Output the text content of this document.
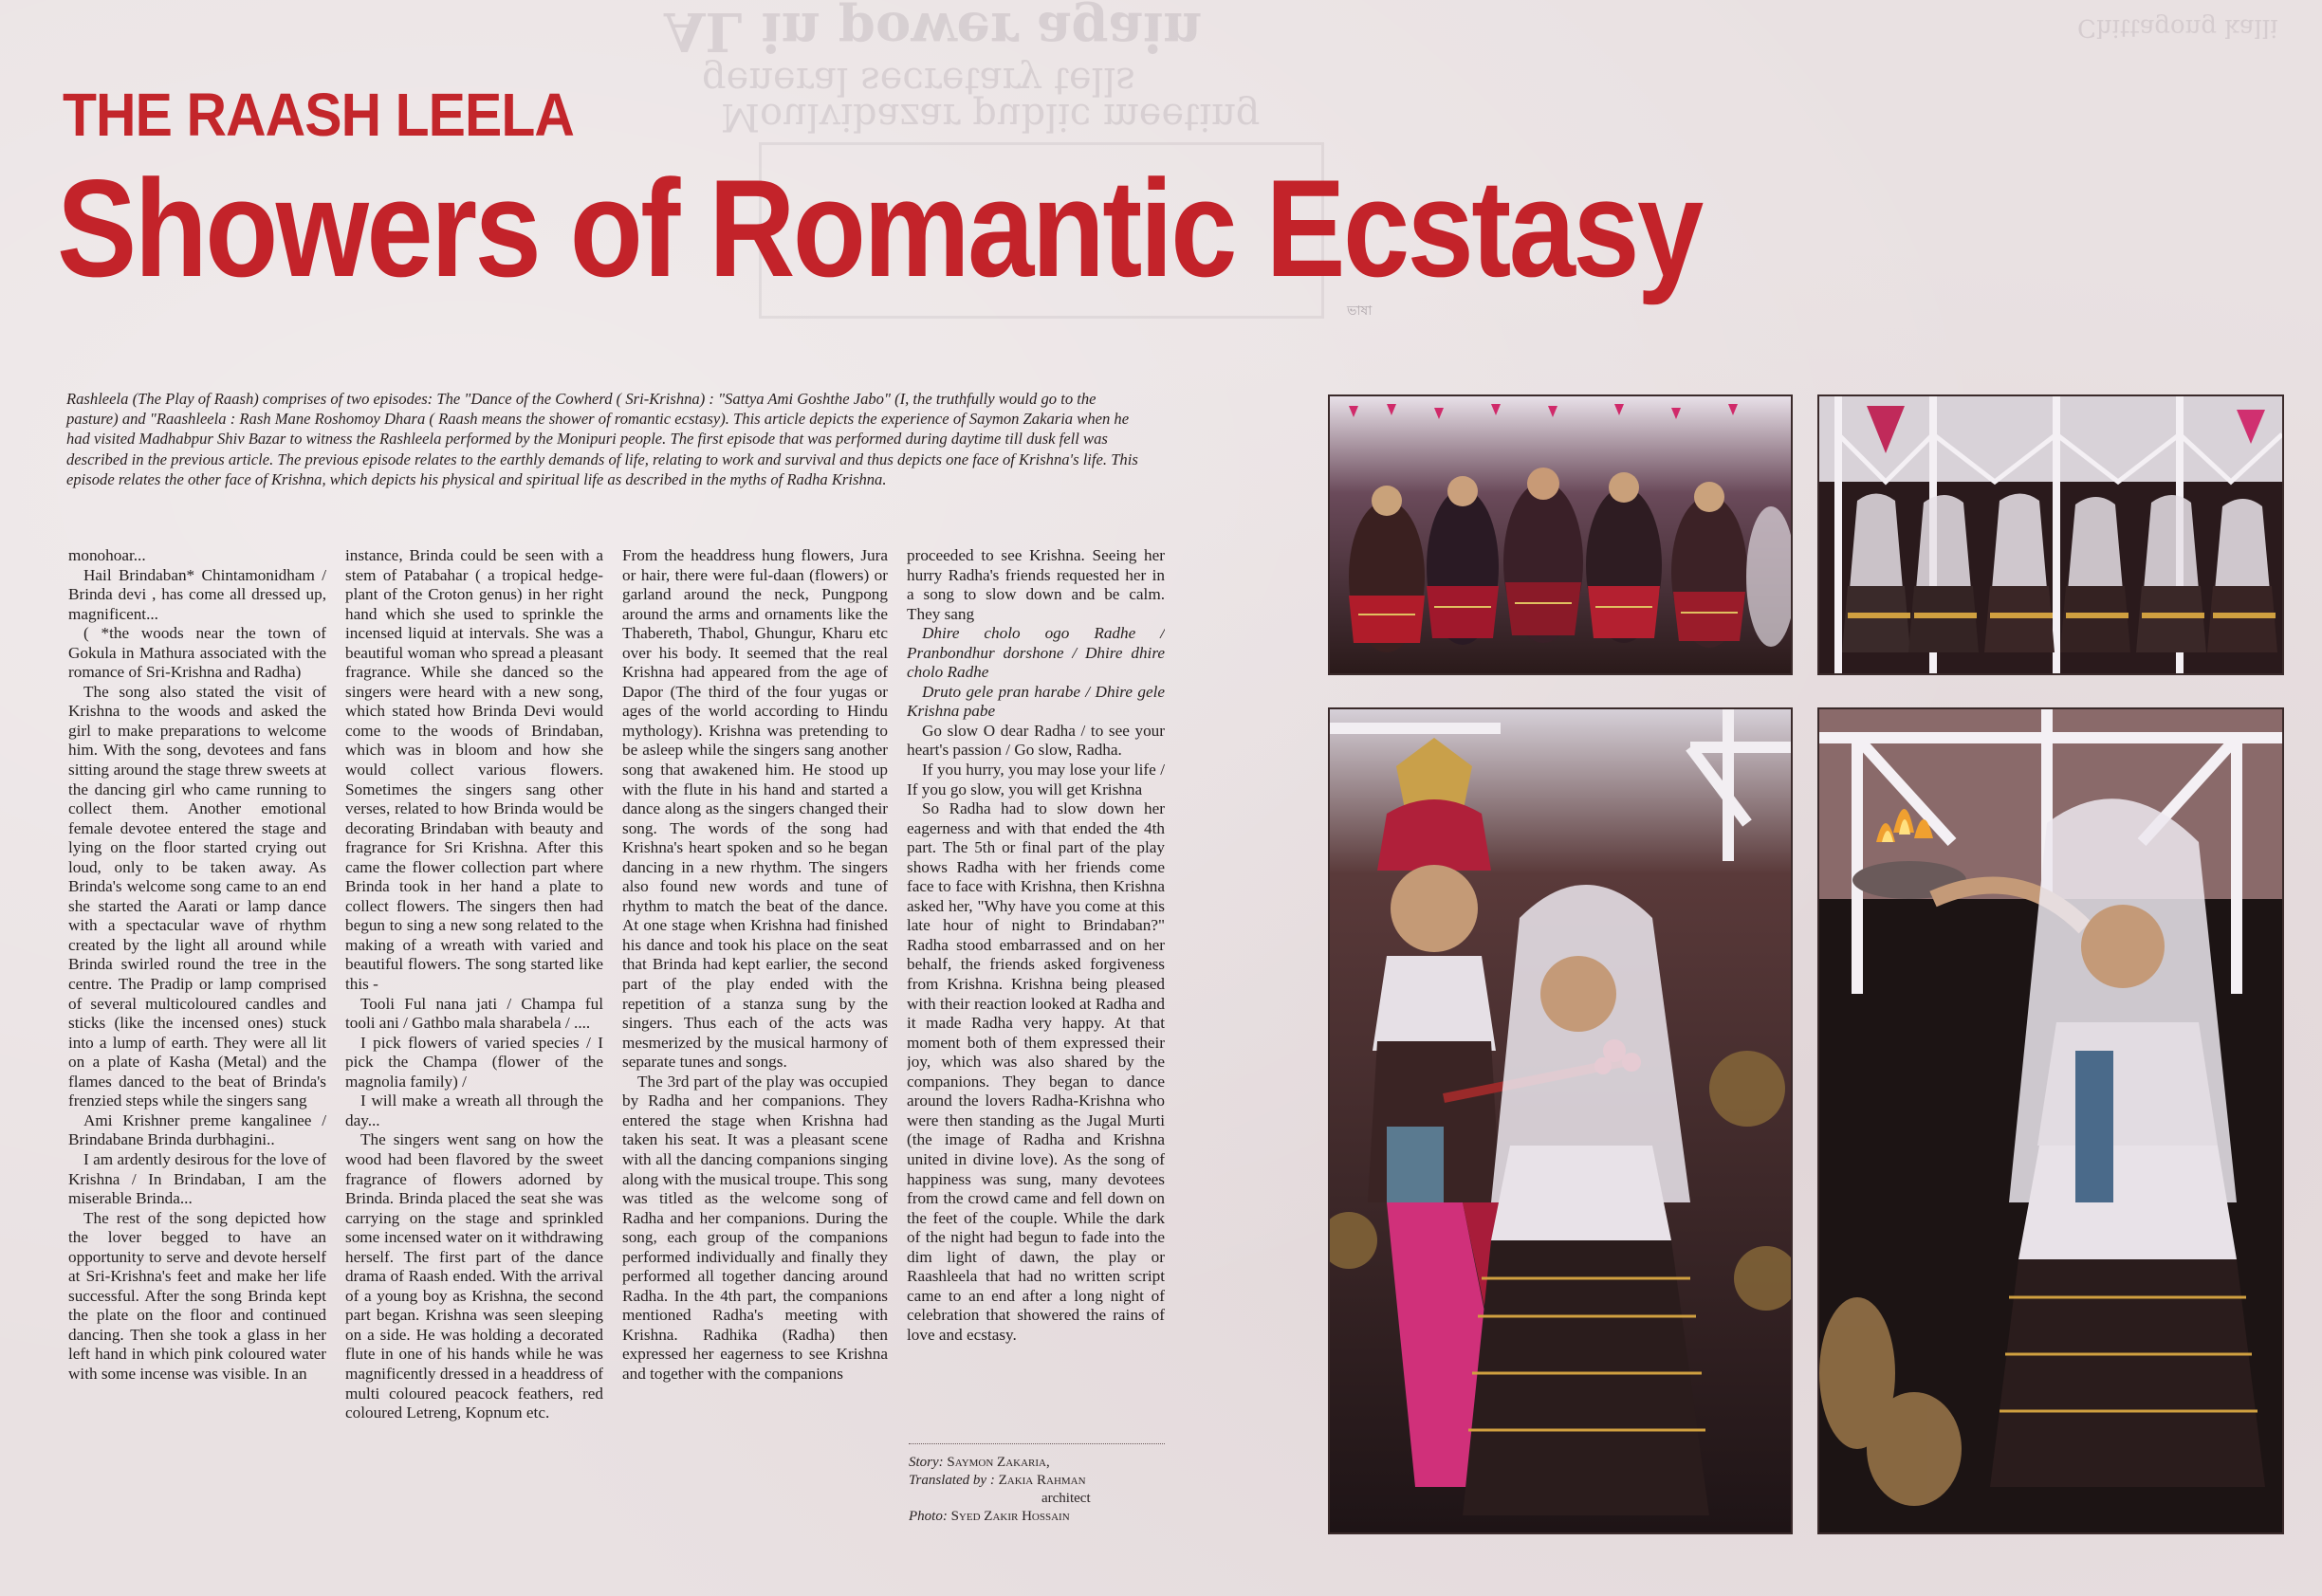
AL in power again
general secretary tells
Moulvibazar public meeting
Chittagong kalli
THE RAASH LEELA
Showers of Romantic Ecstasy
Rashleela (The Play of Raash) comprises of two episodes: The "Dance of the Cowherd ( Sri-Krishna) : "Sattya Ami Goshthe Jabo" (I, the truthfully would go to the pasture) and "Raashleela : Rash Mane Roshomoy Dhara ( Raash means the shower of romantic ecstasy). This article depicts the experience of Saymon Zakaria when he had visited Madhabpur Shiv Bazar to witness the Rashleela performed by the Monipuri people. The first episode that was performed during daytime till dusk fell was described in the previous article. The previous episode relates to the earthly demands of life, relating to work and survival and thus depicts one face of Krishna's life. This episode relates the other face of Krishna, which depicts his physical and spiritual life as described in the myths of Radha Krishna.

monohoar...

Hail Brindaban* Chintamonidham / Brinda devi , has come all dressed up, magnificent...

( *the woods near the town of Gokula in Mathura associated with the romance of Sri-Krishna and Radha)

The song also stated the visit of Krishna to the woods and asked the girl to make preparations to welcome him. With the song, devotees and fans sitting around the stage threw sweets at the dancing girl who came running to collect them. Another emotional female devotee entered the stage and lying on the floor started crying out loud, only to be taken away. As Brinda's welcome song came to an end she started the Aarati or lamp dance with a spectacular wave of rhythm created by the light all around while Brinda swirled round the tree in the centre. The Pradip or lamp comprised of several multicoloured candles and sticks (like the incensed ones) stuck into a lump of earth. They were all lit on a plate of Kasha (Metal) and the flames danced to the beat of Brinda's frenzied steps while the singers sang

Ami Krishner preme kangalinee / Brindabane Brinda durbhagini..

I am ardently desirous for the love of Krishna / In Brindaban, I am the miserable Brinda...

The rest of the song depicted how the lover begged to have an opportunity to serve and devote herself at Sri-Krishna's feet and make her life successful. After the song Brinda kept the plate on the floor and continued dancing. Then she took a glass in her left hand in which pink coloured water with some incense was visible. In an

instance, Brinda could be seen with a stem of Patabahar ( a tropical hedge-plant of the Croton genus) in her right hand which she used to sprinkle the incensed liquid at intervals. She was a beautiful woman who spread a pleasant fragrance. While she danced so the singers were heard with a new song, which stated how Brinda Devi would come to the woods of Brindaban, which was in bloom and how she would collect various flowers. Sometimes the singers sang other verses, related to how Brinda would be decorating Brindaban with beauty and fragrance for Sri Krishna. After this came the flower collection part where Brinda took in her hand a plate to collect flowers. The singers then had begun to sing a new song related to the making of a wreath with varied and beautiful flowers. The song started like this -

Tooli Ful nana jati / Champa ful tooli ani / Gathbo mala sharabela / ....

I pick flowers of varied species / I pick the Champa (flower of the magnolia family) /

I will make a wreath all through the day...

The singers went sang on how the wood had been flavored by the sweet fragrance of flowers adorned by Brinda. Brinda placed the seat she was carrying on the stage and sprinkled some incensed water on it withdrawing herself. The first part of the dance drama of Raash ended. With the arrival of a young boy as Krishna, the second part began. Krishna was seen sleeping on a side. He was holding a decorated flute in one of his hands while he was magnificently dressed in a headdress of multi coloured peacock feathers, red coloured Letreng, Kopnum etc.

From the headdress hung flowers, Jura or hair, there were ful-daan (flowers) or garland around the neck, Pungpong around the arms and ornaments like the Thabereth, Thabol, Ghungur, Kharu etc over his body. It seemed that the real Krishna had appeared from the age of Dapor (The third of the four yugas or ages of the world according to Hindu mythology). Krishna was pretending to be asleep while the singers sang another song that awakened him. He stood up with the flute in his hand and started a dance along as the singers changed their song. The words of the song had Krishna's heart spoken and so he began dancing in a new rhythm. The singers also found new words and tune of rhythm to match the beat of the dance. At one stage when Krishna had finished his dance and took his place on the seat that Brinda had kept earlier, the second part of the play ended with the repetition of a stanza sung by the singers. Thus each of the acts was mesmerized by the musical harmony of separate tunes and songs.

The 3rd part of the play was occupied by Radha and her companions. They entered the stage when Krishna had taken his seat. It was a pleasant scene with all the dancing companions singing along with the musical troupe. This song was titled as the welcome song of Radha and her companions. During the song, each group of the companions performed individually and finally they performed all together dancing around Radha. In the 4th part, the companions mentioned Radha's meeting with Krishna. Radhika (Radha) then expressed her eagerness to see Krishna and together with the companions

proceeded to see Krishna. Seeing her hurry Radha's friends requested her in a song to slow down and be calm. They sang

Dhire cholo ogo Radhe / Pranbondhur dorshone / Dhire dhire cholo Radhe

Druto gele pran harabe / Dhire gele Krishna pabe

Go slow O dear Radha / to see your heart's passion / Go slow, Radha.

If you hurry, you may lose your life / If you go slow, you will get Krishna

So Radha had to slow down her eagerness and with that ended the 4th part. The 5th or final part of the play shows Radha with her friends come face to face with Krishna, then Krishna asked her, "Why have you come at this late hour of night to Brindaban?" Radha stood embarrassed and on her behalf, the friends asked forgiveness from Krishna. Krishna being pleased with their reaction looked at Radha and it made Radha very happy. At that moment both of them expressed their joy, which was also shared by the companions. They began to dance around the lovers Radha-Krishna who were then standing as the Jugal Murti (the image of Radha and Krishna united in divine love). As the song of happiness was sung, many devotees from the crowd came and fell down on the feet of the couple. While the dark of the night had begun to fade into the dim light of dawn, the play or Raashleela that had no written script came to an end after a long night of celebration that showered the rains of love and ecstasy.

Story: Saymon Zakaria,
Translated by : Zakia Rahman
architect
Photo: Syed Zakir Hossain
ভাষা
